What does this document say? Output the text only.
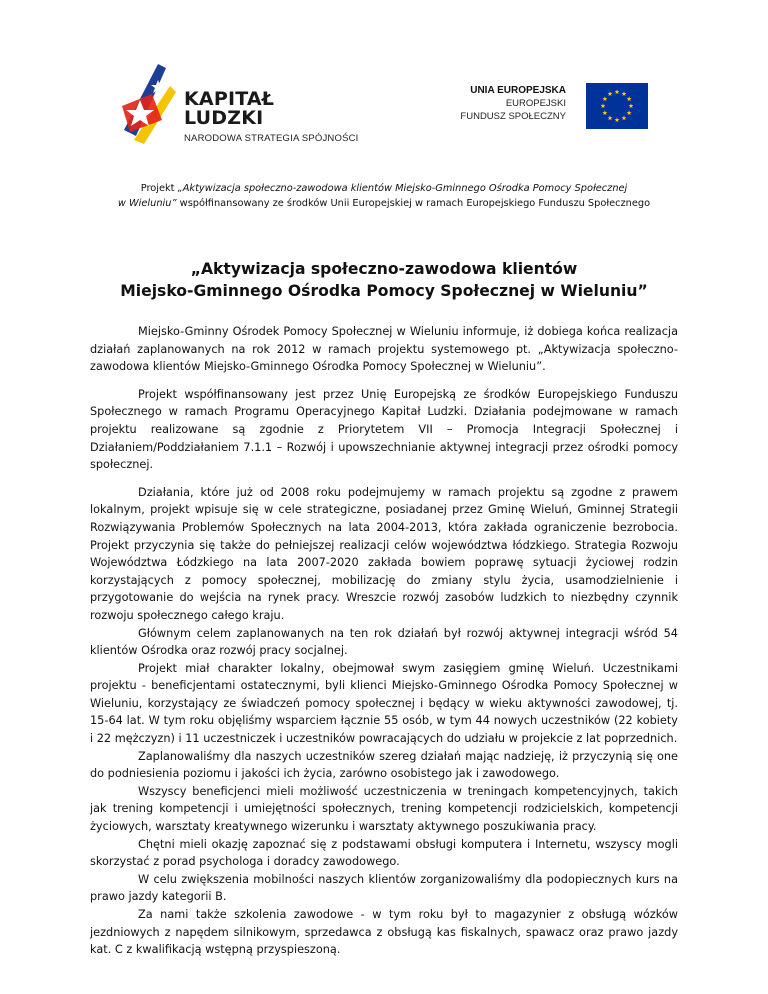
KAPITAŁ LUDZKI
NARODOWA STRATEGIA SPÓJNOŚCI
UNIA EUROPEJSKA
EUROPEJSKI
FUNDUSZ SPOŁECZNY
Projekt „Aktywizacja społeczno-zawodowa klientów Miejsko-Gminnego Ośrodka Pomocy Społecznej
w Wieluniu” współfinansowany ze środków Unii Europejskiej w ramach Europejskiego Funduszu Społecznego
„Aktywizacja społeczno-zawodowa klientów
Miejsko-Gminnego Ośrodka Pomocy Społecznej w Wieluniu”

Miejsko-Gminny Ośrodek Pomocy Społecznej w Wieluniu informuje, iż dobiega końca realizacja działań zaplanowanych na rok 2012 w ramach projektu systemowego pt. „Aktywizacja społeczno-zawodowa klientów Miejsko-Gminnego Ośrodka Pomocy Społecznej w Wieluniu”.

Projekt współfinansowany jest przez Unię Europejską ze środków Europejskiego Funduszu Społecznego w ramach Programu Operacyjnego Kapitał Ludzki. Działania podejmowane w ramach projektu realizowane są zgodnie z Priorytetem VII – Promocja Integracji Społecznej i Działaniem/Poddziałaniem 7.1.1 – Rozwój i upowszechnianie aktywnej integracji przez ośrodki pomocy społecznej.

Działania, które już od 2008 roku podejmujemy w ramach projektu są zgodne z prawem lokalnym, projekt wpisuje się w cele strategiczne, posiadanej przez Gminę Wieluń, Gminnej Strategii Rozwiązywania Problemów Społecznych na lata 2004-2013, która zakłada ograniczenie bezrobocia. Projekt przyczynia się także do pełniejszej realizacji celów województwa łódzkiego. Strategia Rozwoju Województwa Łódzkiego na lata 2007-2020 zakłada bowiem poprawę sytuacji życiowej rodzin korzystających z pomocy społecznej, mobilizację do zmiany stylu życia, usamodzielnienie i przygotowanie do wejścia na rynek pracy. Wreszcie rozwój zasobów ludzkich to niezbędny czynnik rozwoju społecznego całego kraju.

Głównym celem zaplanowanych na ten rok działań był rozwój aktywnej integracji wśród 54 klientów Ośrodka oraz rozwój pracy socjalnej.

Projekt miał charakter lokalny, obejmował swym zasięgiem gminę Wieluń. Uczestnikami projektu - beneficjentami ostatecznymi, byli klienci Miejsko-Gminnego Ośrodka Pomocy Społecznej w Wieluniu, korzystający ze świadczeń pomocy społecznej i będący w wieku aktywności zawodowej, tj. 15-64 lat. W tym roku objęliśmy wsparciem łącznie 55 osób, w tym 44 nowych uczestników (22 kobiety i 22 mężczyzn) i 11 uczestniczek i uczestników powracających do udziału w projekcie z lat poprzednich.

Zaplanowaliśmy dla naszych uczestników szereg działań mając nadzieję, iż przyczynią się one do podniesienia poziomu i jakości ich życia, zarówno osobistego jak i zawodowego.

Wszyscy beneficjenci mieli możliwość uczestniczenia w treningach kompetencyjnych, takich jak trening kompetencji i umiejętności społecznych, trening kompetencji rodzicielskich, kompetencji życiowych, warsztaty kreatywnego wizerunku i warsztaty aktywnego poszukiwania pracy.

Chętni mieli okazję zapoznać się z podstawami obsługi komputera i Internetu, wszyscy mogli skorzystać z porad psychologa i doradcy zawodowego.

W celu zwiększenia mobilności naszych klientów zorganizowaliśmy dla podopiecznych kurs na prawo jazdy kategorii B.

Za nami także szkolenia zawodowe - w tym roku był to magazynier z obsługą wózków jezdniowych z napędem silnikowym, sprzedawca z obsługą kas fiskalnych, spawacz oraz prawo jazdy kat. C z kwalifikacją wstępną przyspieszoną.
